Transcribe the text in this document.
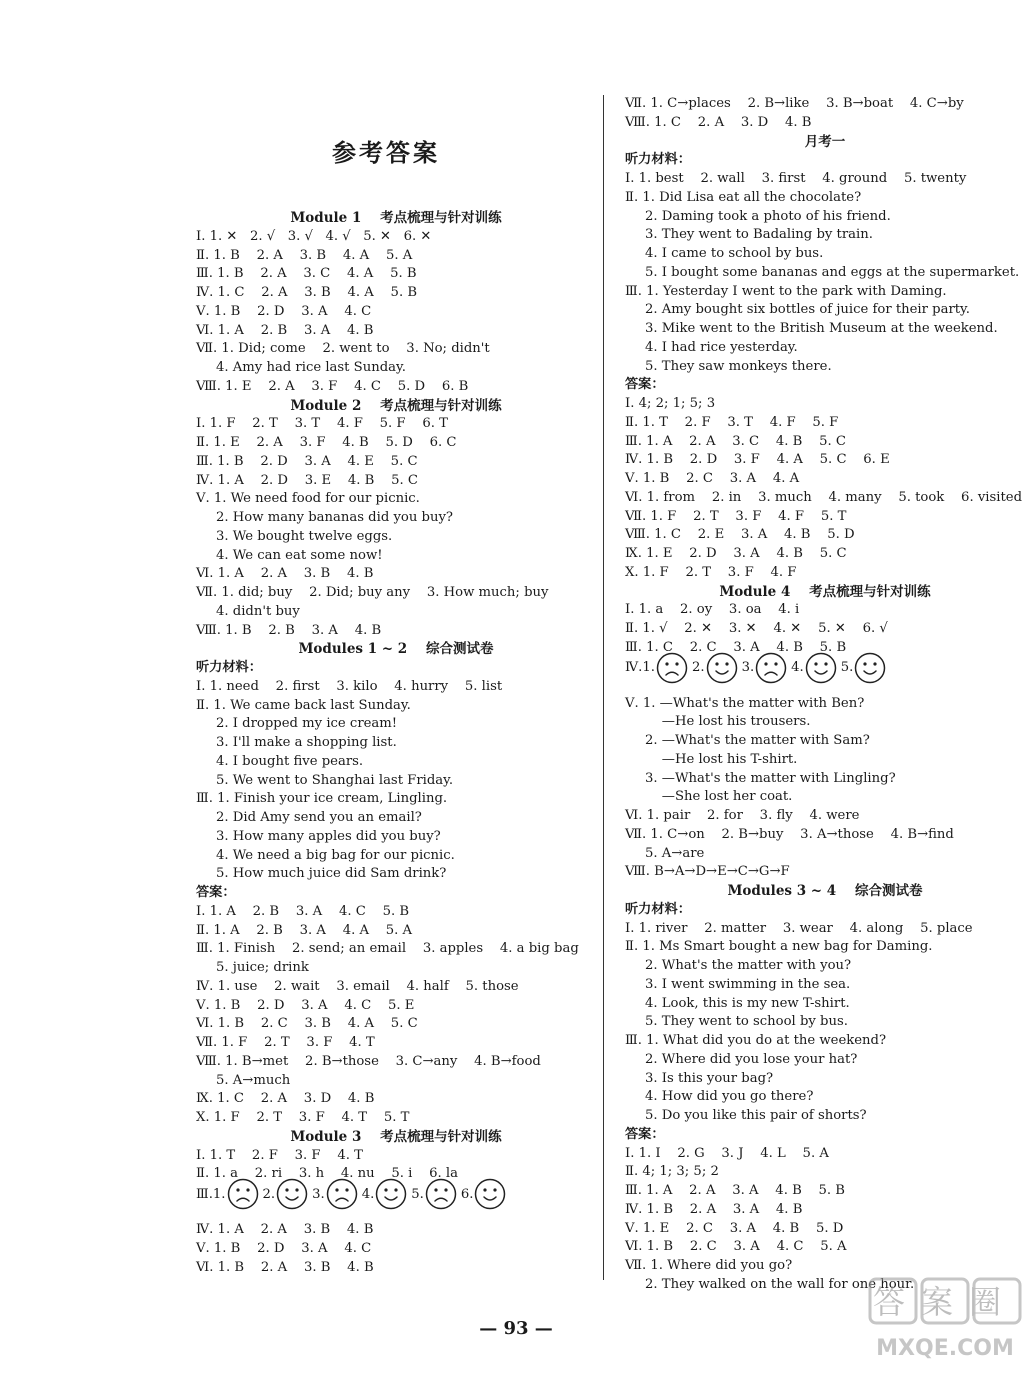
参考答案
Module 1    考点梳理与针对训练
Ⅰ. 1. ✕   2. √   3. √   4. √   5. ✕   6. ✕
Ⅱ. 1. B    2. A    3. B    4. A    5. A
Ⅲ. 1. B    2. A    3. C    4. A    5. B
Ⅳ. 1. C    2. A    3. B    4. A    5. B
Ⅴ. 1. B    2. D    3. A    4. C
Ⅵ. 1. A    2. B    3. A    4. B
Ⅶ. 1. Did; come    2. went to    3. No; didn't
4. Amy had rice last Sunday.
Ⅷ. 1. E    2. A    3. F    4. C    5. D    6. B
Module 2    考点梳理与针对训练
Ⅰ. 1. F    2. T    3. T    4. F    5. F    6. T
Ⅱ. 1. E    2. A    3. F    4. B    5. D    6. C
Ⅲ. 1. B    2. D    3. A    4. E    5. C
Ⅳ. 1. A    2. D    3. E    4. B    5. C
Ⅴ. 1. We need food for our picnic.
2. How many bananas did you buy?
3. We bought twelve eggs.
4. We can eat some now!
Ⅵ. 1. A    2. A    3. B    4. B
Ⅶ. 1. did; buy    2. Did; buy any    3. How much; buy
4. didn't buy
Ⅷ. 1. B    2. B    3. A    4. B
Modules 1 ~ 2    综合测试卷
听力材料：
Ⅰ. 1. need    2. first    3. kilo    4. hurry    5. list
Ⅱ. 1. We came back last Sunday.
2. I dropped my ice cream!
3. I'll make a shopping list.
4. I bought five pears.
5. We went to Shanghai last Friday.
Ⅲ. 1. Finish your ice cream, Lingling.
2. Did Amy send you an email?
3. How many apples did you buy?
4. We need a big bag for our picnic.
5. How much juice did Sam drink?
答案：
Ⅰ. 1. A    2. B    3. A    4. C    5. B
Ⅱ. 1. A    2. B    3. A    4. A    5. A
Ⅲ. 1. Finish    2. send; an email    3. apples    4. a big bag
5. juice; drink
Ⅳ. 1. use    2. wait    3. email    4. half    5. those
Ⅴ. 1. B    2. D    3. A    4. C    5. E
Ⅵ. 1. B    2. C    3. B    4. A    5. C
Ⅶ. 1. F    2. T    3. F    4. T
Ⅷ. 1. B→met    2. B→those    3. C→any    4. B→food
5. A→much
Ⅸ. 1. C    2. A    3. D    4. B
Ⅹ. 1. F    2. T    3. F    4. T    5. T
Module 3    考点梳理与针对训练
Ⅰ. 1. T    2. F    3. F    4. T
Ⅱ. 1. a    2. ri    3. h    4. nu    5. i    6. la
Ⅲ. 1.	2.	3.	4.	5.	6.
Ⅳ. 1. A    2. A    3. B    4. B
Ⅴ. 1. B    2. D    3. A    4. C
Ⅵ. 1. B    2. A    3. B    4. B
Ⅶ. 1. C→places    2. B→like    3. B→boat    4. C→by
Ⅷ. 1. C    2. A    3. D    4. B
月考一
听力材料：
Ⅰ. 1. best    2. wall    3. first    4. ground    5. twenty
Ⅱ. 1. Did Lisa eat all the chocolate?
2. Daming took a photo of his friend.
3. They went to Badaling by train.
4. I came to school by bus.
5. I bought some bananas and eggs at the supermarket.
Ⅲ. 1. Yesterday I went to the park with Daming.
2. Amy bought six bottles of juice for their party.
3. Mike went to the British Museum at the weekend.
4. I had rice yesterday.
5. They saw monkeys there.
答案：
Ⅰ. 4; 2; 1; 5; 3
Ⅱ. 1. T    2. F    3. T    4. F    5. F
Ⅲ. 1. A    2. A    3. C    4. B    5. C
Ⅳ. 1. B    2. D    3. F    4. A    5. C    6. E
Ⅴ. 1. B    2. C    3. A    4. A
Ⅵ. 1. from    2. in    3. much    4. many    5. took    6. visited
Ⅶ. 1. F    2. T    3. F    4. F    5. T
Ⅷ. 1. C    2. E    3. A    4. B    5. D
Ⅸ. 1. E    2. D    3. A    4. B    5. C
Ⅹ. 1. F    2. T    3. F    4. F
Module 4    考点梳理与针对训练
Ⅰ. 1. a    2. oy    3. oa    4. i
Ⅱ. 1. √    2. ✕    3. ✕    4. ✕    5. ✕    6. √
Ⅲ. 1. C    2. C    3. A    4. B    5. B
Ⅳ. 1.	2.	3.	4.	5.
Ⅴ. 1. —What's the matter with Ben?
—He lost his trousers.
2. —What's the matter with Sam?
—He lost his T-shirt.
3. —What's the matter with Lingling?
—She lost her coat.
Ⅵ. 1. pair    2. for    3. fly    4. were
Ⅶ. 1. C→on    2. B→buy    3. A→those    4. B→find
5. A→are
Ⅷ. B→A→D→E→C→G→F
Modules 3 ~ 4    综合测试卷
听力材料：
Ⅰ. 1. river    2. matter    3. wear    4. along    5. place
Ⅱ. 1. Ms Smart bought a new bag for Daming.
2. What's the matter with you?
3. I went swimming in the sea.
4. Look, this is my new T-shirt.
5. They went to school by bus.
Ⅲ. 1. What did you do at the weekend?
2. Where did you lose your hat?
3. Is this your bag?
4. How did you go there?
5. Do you like this pair of shorts?
答案：
Ⅰ. 1. I    2. G    3. J    4. L    5. A
Ⅱ. 4; 1; 3; 5; 2
Ⅲ. 1. A    2. A    3. A    4. B    5. B
Ⅳ. 1. B    2. A    3. A    4. B
Ⅴ. 1. E    2. C    3. A    4. B    5. D
Ⅵ. 1. B    2. C    3. A    4. C    5. A
Ⅶ. 1. Where did you go?
2. They walked on the wall for one hour.
— 93 —
答案圈
MXQE.COM
